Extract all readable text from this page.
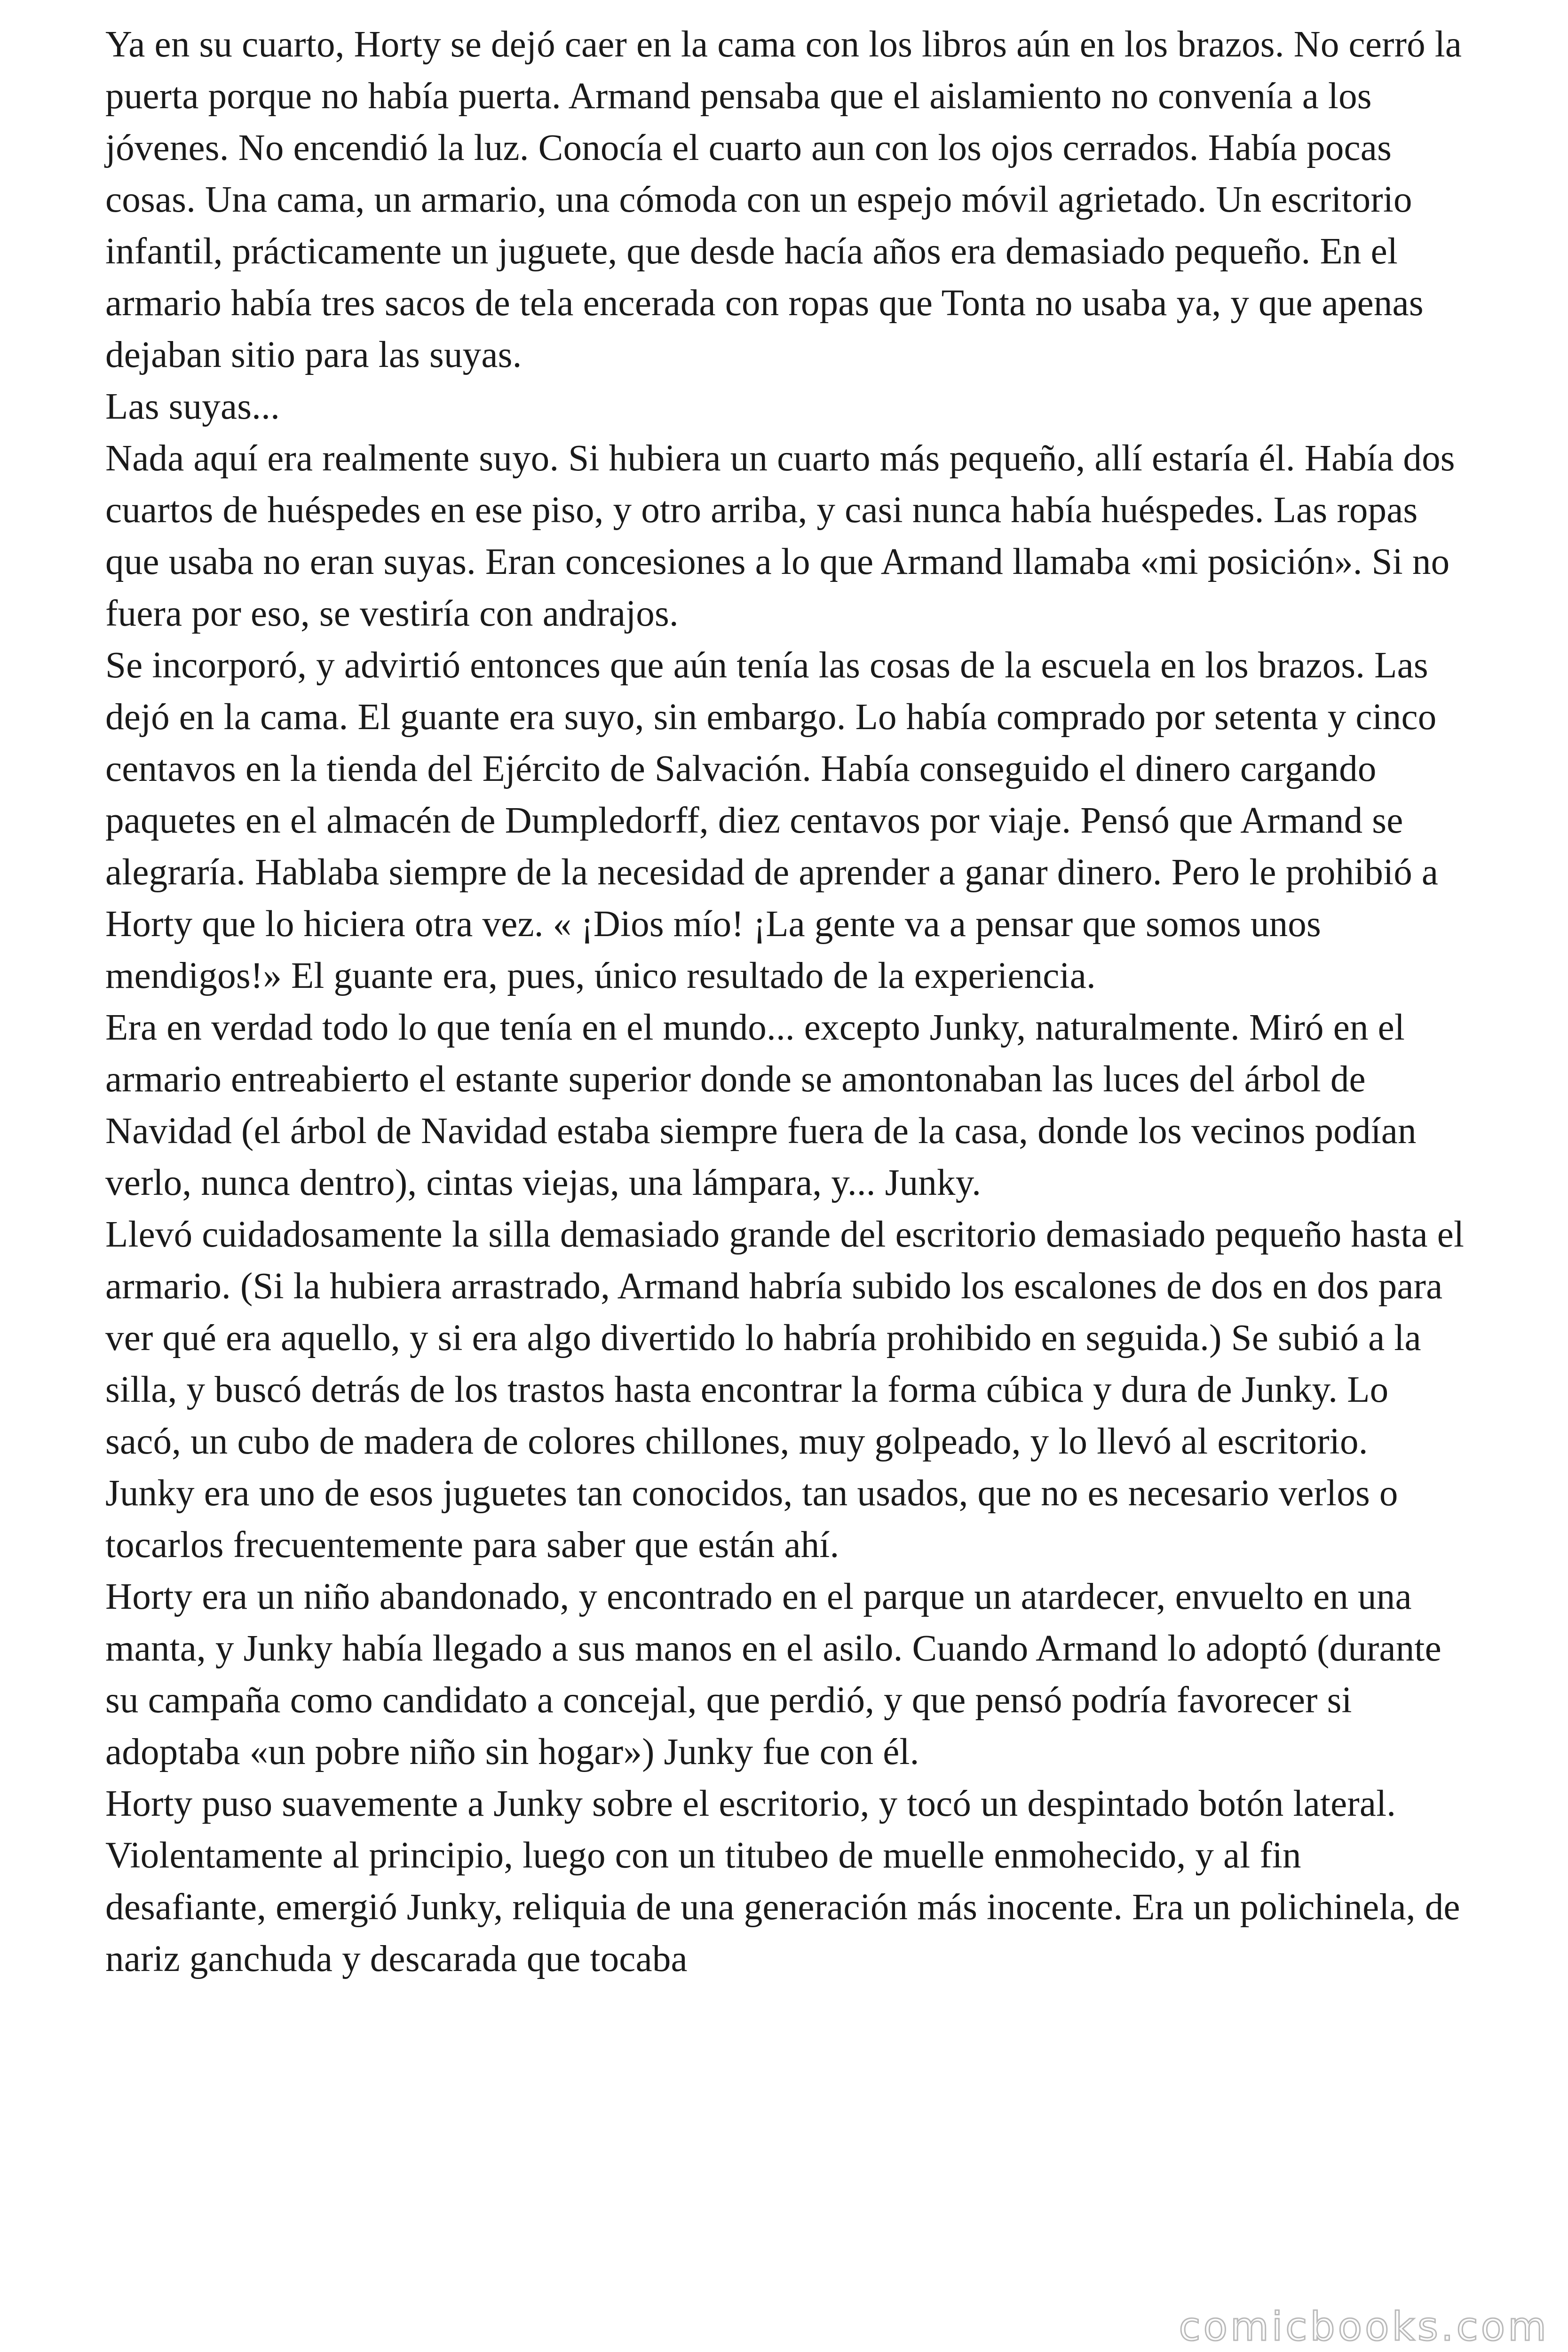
Ya en su cuarto, Horty se dejó caer en la cama con los libros aún en los brazos. No cerró la puerta porque no había puerta. Armand pensaba que el aislamiento no convenía a los jóvenes. No encendió la luz. Conocía el cuarto aun con los ojos cerrados. Había pocas cosas. Una cama, un armario, una cómoda con un espejo móvil agrietado. Un escritorio infantil, prácticamente un juguete, que desde hacía años era demasiado pequeño. En el armario había tres sacos de tela encerada con ropas que Tonta no usaba ya, y que apenas dejaban sitio para las suyas.

Las suyas...

Nada aquí era realmente suyo. Si hubiera un cuarto más pequeño, allí estaría él. Había dos cuartos de huéspedes en ese piso, y otro arriba, y casi nunca había huéspedes. Las ropas que usaba no eran suyas. Eran concesiones a lo que Armand llamaba «mi posición». Si no fuera por eso, se vestiría con andrajos.

Se incorporó, y advirtió entonces que aún tenía las cosas de la escuela en los brazos. Las dejó en la cama. El guante era suyo, sin embargo. Lo había comprado por setenta y cinco centavos en la tienda del Ejército de Salvación. Había conseguido el dinero cargando paquetes en el almacén de Dumpledorff, diez centavos por viaje. Pensó que Armand se alegraría. Hablaba siempre de la necesidad de aprender a ganar dinero. Pero le prohibió a Horty que lo hiciera otra vez. « ¡Dios mío! ¡La gente va a pensar que somos unos mendigos!» El guante era, pues, único resultado de la experiencia.

Era en verdad todo lo que tenía en el mundo... excepto Junky, naturalmente. Miró en el armario entreabierto el estante superior donde se amontonaban las luces del árbol de Navidad (el árbol de Navidad estaba siempre fuera de la casa, donde los vecinos podían verlo, nunca dentro), cintas viejas, una lámpara, y... Junky.

Llevó cuidadosamente la silla demasiado grande del escritorio demasiado pequeño hasta el armario. (Si la hubiera arrastrado, Armand habría subido los escalones de dos en dos para ver qué era aquello, y si era algo divertido lo habría prohibido en seguida.) Se subió a la silla, y buscó detrás de los trastos hasta encontrar la forma cúbica y dura de Junky. Lo sacó, un cubo de madera de colores chillones, muy golpeado, y lo llevó al escritorio.

Junky era uno de esos juguetes tan conocidos, tan usados, que no es necesario verlos o tocarlos frecuentemente para saber que están ahí.

Horty era un niño abandonado, y encontrado en el parque un atardecer, envuelto en una manta, y Junky había llegado a sus manos en el asilo. Cuando Armand lo adoptó (durante su campaña como candidato a concejal, que perdió, y que pensó podría favorecer si adoptaba «un pobre niño sin hogar») Junky fue con él.

Horty puso suavemente a Junky sobre el escritorio, y tocó un despintado botón lateral. Violentamente al principio, luego con un titubeo de muelle enmohecido, y al fin desafiante, emergió Junky, reliquia de una generación más inocente. Era un polichinela, de nariz ganchuda y descarada que tocaba

comicbooks.com
